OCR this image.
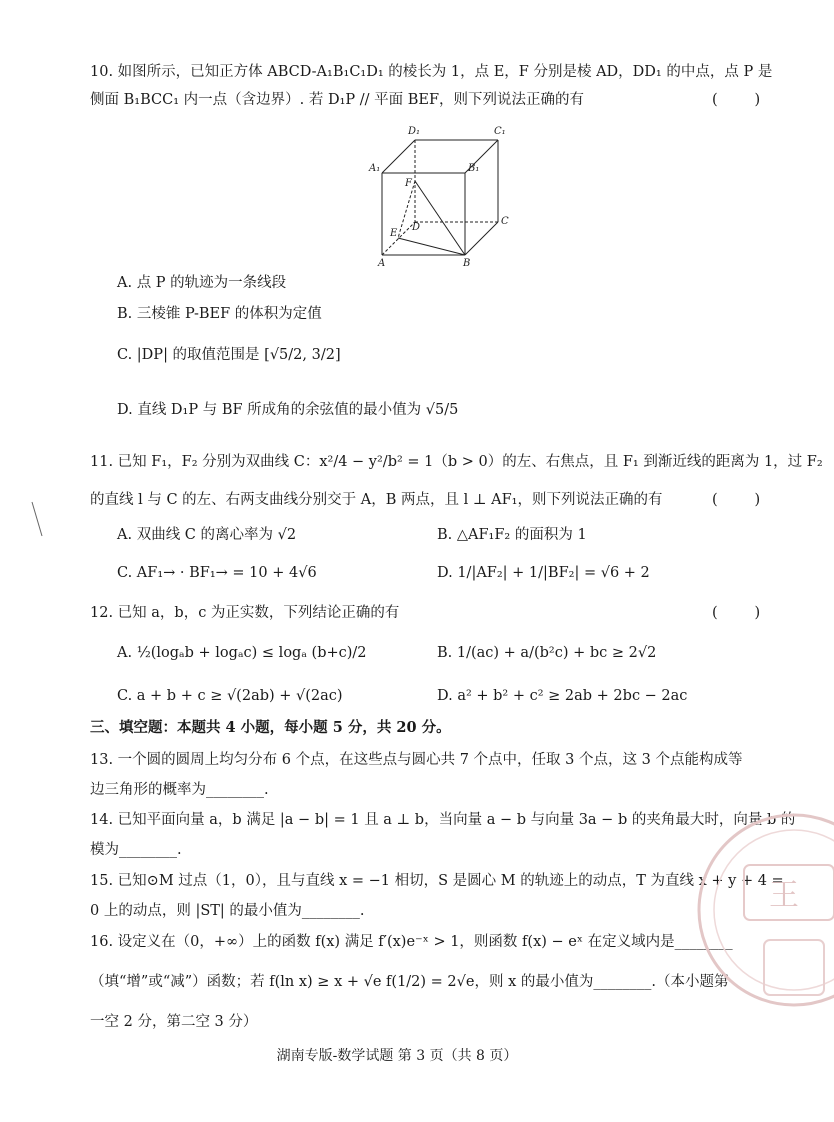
10. 如图所示，已知正方体 ABCD-A₁B₁C₁D₁ 的棱长为 1，点 E，F 分别是棱 AD，DD₁ 的中点，点 P 是
侧面 B₁BCC₁ 内一点（含边界）. 若 D₁P // 平面 BEF，则下列说法正确的有	(        )
D₁	C₁
A₁	B₁
F
C
E
D
A	B
A. 点 P 的轨迹为一条线段
B. 三棱锥 P-BEF 的体积为定值
C. |DP| 的取值范围是 [√5/2, 3/2]
D. 直线 D₁P 与 BF 所成角的余弦值的最小值为 √5/5
11. 已知 F₁，F₂ 分别为双曲线 C：x²/4 − y²/b² = 1（b > 0）的左、右焦点，且 F₁ 到渐近线的距离为 1，过 F₂
的直线 l 与 C 的左、右两支曲线分别交于 A，B 两点，且 l ⊥ AF₁，则下列说法正确的有	(        )
A. 双曲线 C 的离心率为 √2	B. △AF₁F₂ 的面积为 1
C. AF₁→ · BF₁→ = 10 + 4√6	D. 1/|AF₂| + 1/|BF₂| = √6 + 2
12. 已知 a，b，c 为正实数，下列结论正确的有	(        )
A. ½(logₐb + logₐc) ≤ logₐ (b+c)/2	B. 1/(ac) + a/(b²c) + bc ≥ 2√2
C. a + b + c ≥ √(2ab) + √(2ac)	D. a² + b² + c² ≥ 2ab + 2bc − 2ac
三、填空题：本题共 4 小题，每小题 5 分，共 20 分。
13. 一个圆的圆周上均匀分布 6 个点，在这些点与圆心共 7 个点中，任取 3 个点，这 3 个点能构成等
边三角形的概率为________.
14. 已知平面向量 a，b 满足 |a − b| = 1 且 a ⊥ b，当向量 a − b 与向量 3a − b 的夹角最大时，向量 b 的
模为________.
15. 已知⊙M 过点（1，0），且与直线 x = −1 相切，S 是圆心 M 的轨迹上的动点，T 为直线 x + y + 4 =
0 上的动点，则 |ST| 的最小值为________.
16. 设定义在（0，+∞）上的函数 f(x) 满足 f′(x)e⁻ˣ > 1，则函数 f(x) − eˣ 在定义域内是________
（填“增”或“减”）函数；若 f(ln x) ≥ x + √e f(1/2) = 2√e，则 x 的最小值为________.（本小题第
一空 2 分，第二空 3 分）
湖南专版-数学试题 第 3 页（共 8 页）
王
